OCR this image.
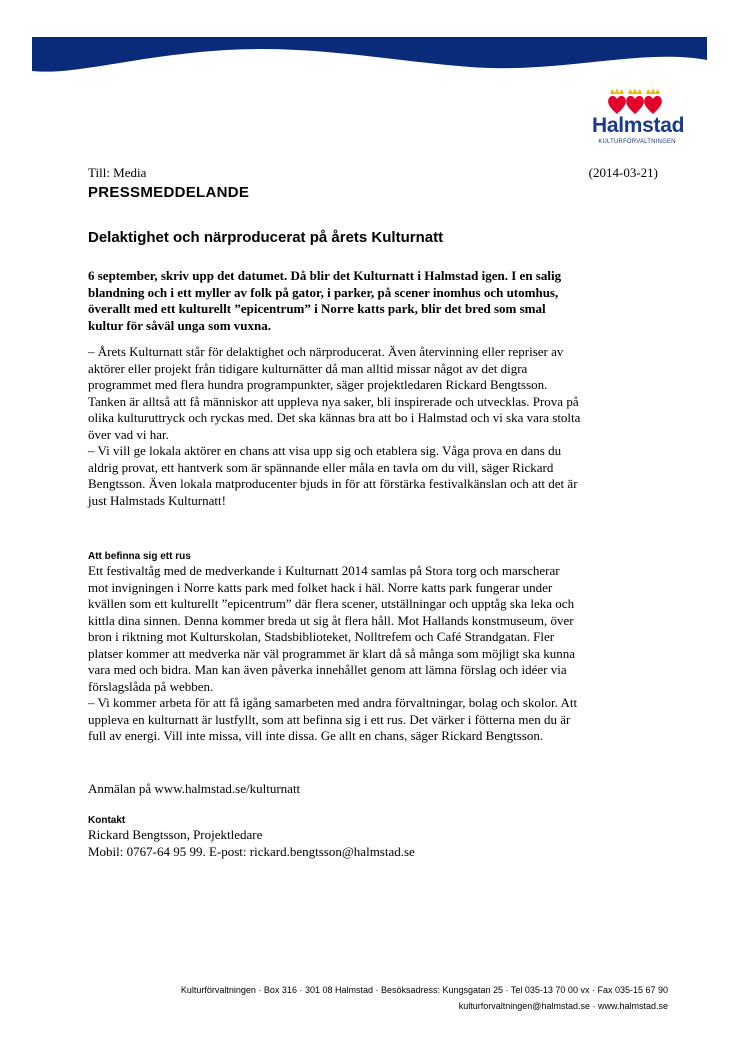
Halmstad
KULTURFÖRVALTNINGEN
Till: Media	(2014-03-21)
PRESSMEDDELANDE
Delaktighet och närproducerat på årets Kulturnatt
6 september, skriv upp det datumet. Då blir det Kulturnatt i Halmstad igen. I en salig
blandning och i ett myller av folk på gator, i parker, på scener inomhus och utomhus,
överallt med ett kulturellt ”epicentrum” i Norre katts park, blir det bred som smal
kultur för såväl unga som vuxna.
– Årets Kulturnatt står för delaktighet och närproducerat. Även återvinning eller repriser av
aktörer eller projekt från tidigare kulturnätter då man alltid missar något av det digra
programmet med flera hundra programpunkter, säger projektledaren Rickard Bengtsson.
Tanken är alltså att få människor att uppleva nya saker, bli inspirerade och utvecklas. Prova på
olika kulturuttryck och ryckas med. Det ska kännas bra att bo i Halmstad och vi ska vara stolta
över vad vi har.
– Vi vill ge lokala aktörer en chans att visa upp sig och etablera sig. Våga prova en dans du
aldrig provat, ett hantverk som är spännande eller måla en tavla om du vill, säger Rickard
Bengtsson. Även lokala matproducenter bjuds in för att förstärka festivalkänslan och att det är
just Halmstads Kulturnatt!
Att befinna sig ett rus
Ett festivaltåg med de medverkande i Kulturnatt 2014 samlas på Stora torg och marscherar
mot invigningen i Norre katts park med folket hack i häl. Norre katts park fungerar under
kvällen som ett kulturellt ”epicentrum” där flera scener, utställningar och upptåg ska leka och
kittla dina sinnen. Denna kommer breda ut sig åt flera håll. Mot Hallands konstmuseum, över
bron i riktning mot Kulturskolan, Stadsbiblioteket, Nolltrefem och Café Strandgatan. Fler
platser kommer att medverka när väl programmet är klart då så många som möjligt ska kunna
vara med och bidra. Man kan även påverka innehållet genom att lämna förslag och idéer via
förslagslåda på webben.
– Vi kommer arbeta för att få igång samarbeten med andra förvaltningar, bolag och skolor. Att
uppleva en kulturnatt är lustfyllt, som att befinna sig i ett rus. Det värker i fötterna men du är
full av energi. Vill inte missa, vill inte dissa. Ge allt en chans, säger Rickard Bengtsson.
Anmälan på www.halmstad.se/kulturnatt
Kontakt
Rickard Bengtsson, Projektledare
Mobil: 0767-64 95 99. E-post: rickard.bengtsson@halmstad.se
Kulturförvaltningen · Box 316 · 301 08 Halmstad · Besöksadress: Kungsgatan 25 · Tel 035-13 70 00 vx · Fax 035-15 67 90
kulturforvaltningen@halmstad.se · www.halmstad.se
